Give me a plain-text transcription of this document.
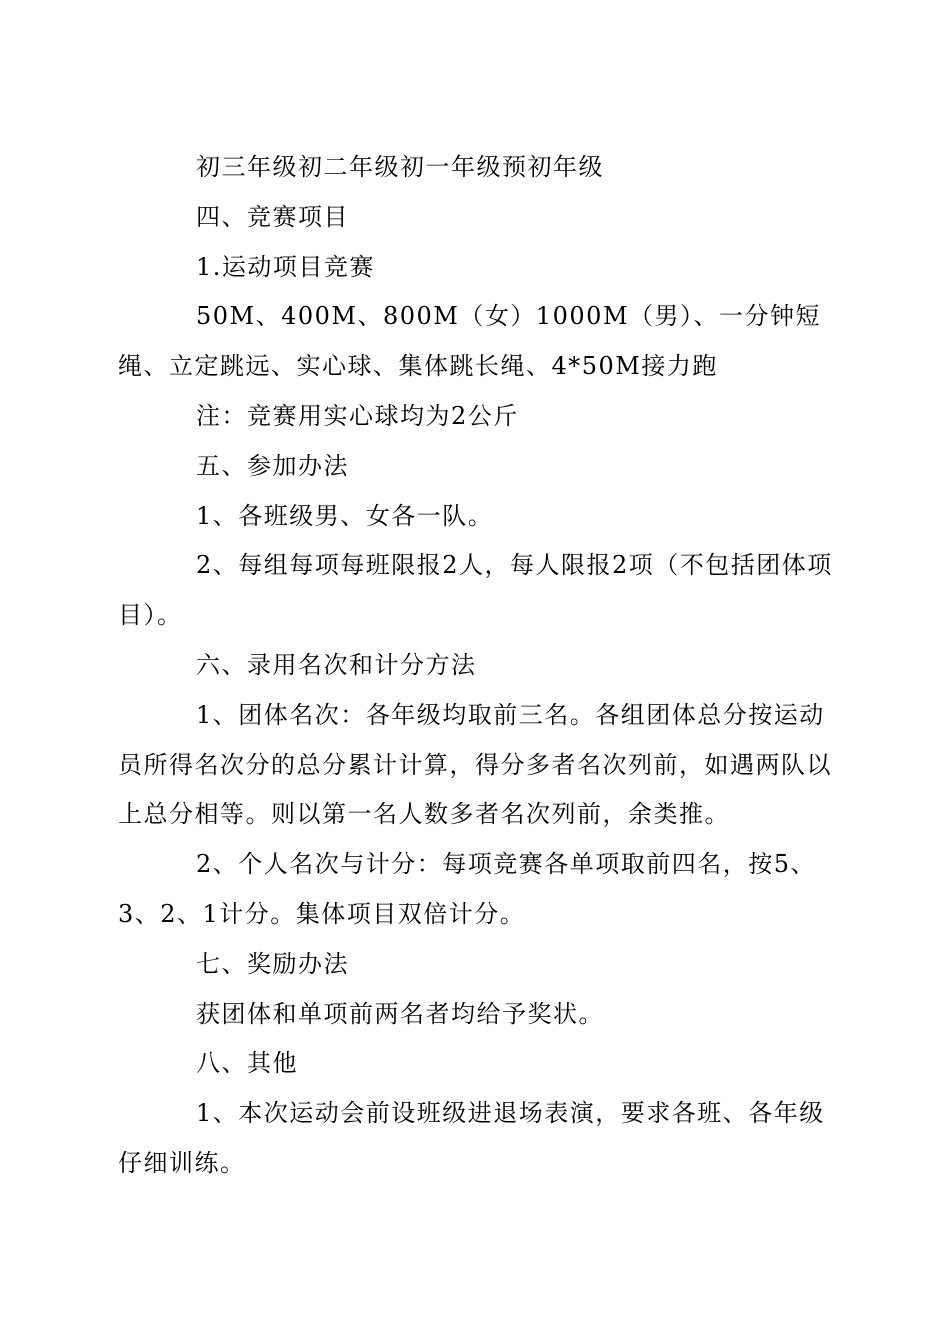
初三年级初二年级初一年级预初年级

四、竞赛项目

1.运动项目竞赛

50M、400M、800M（女）1000M（男）、一分钟短绳、立定跳远、实心球、集体跳长绳、4*50M接力跑

注：竞赛用实心球均为2公斤

五、参加办法

1、各班级男、女各一队。

2、每组每项每班限报2人，每人限报2项（不包括团体项目）。

六、录用名次和计分方法

1、团体名次：各年级均取前三名。各组团体总分按运动员所得名次分的总分累计计算，得分多者名次列前，如遇两队以上总分相等。则以第一名人数多者名次列前，余类推。

2、个人名次与计分：每项竞赛各单项取前四名，按5、3、2、1计分。集体项目双倍计分。

七、奖励办法

获团体和单项前两名者均给予奖状。

八、其他

1、本次运动会前设班级进退场表演，要求各班、各年级仔细训练。
